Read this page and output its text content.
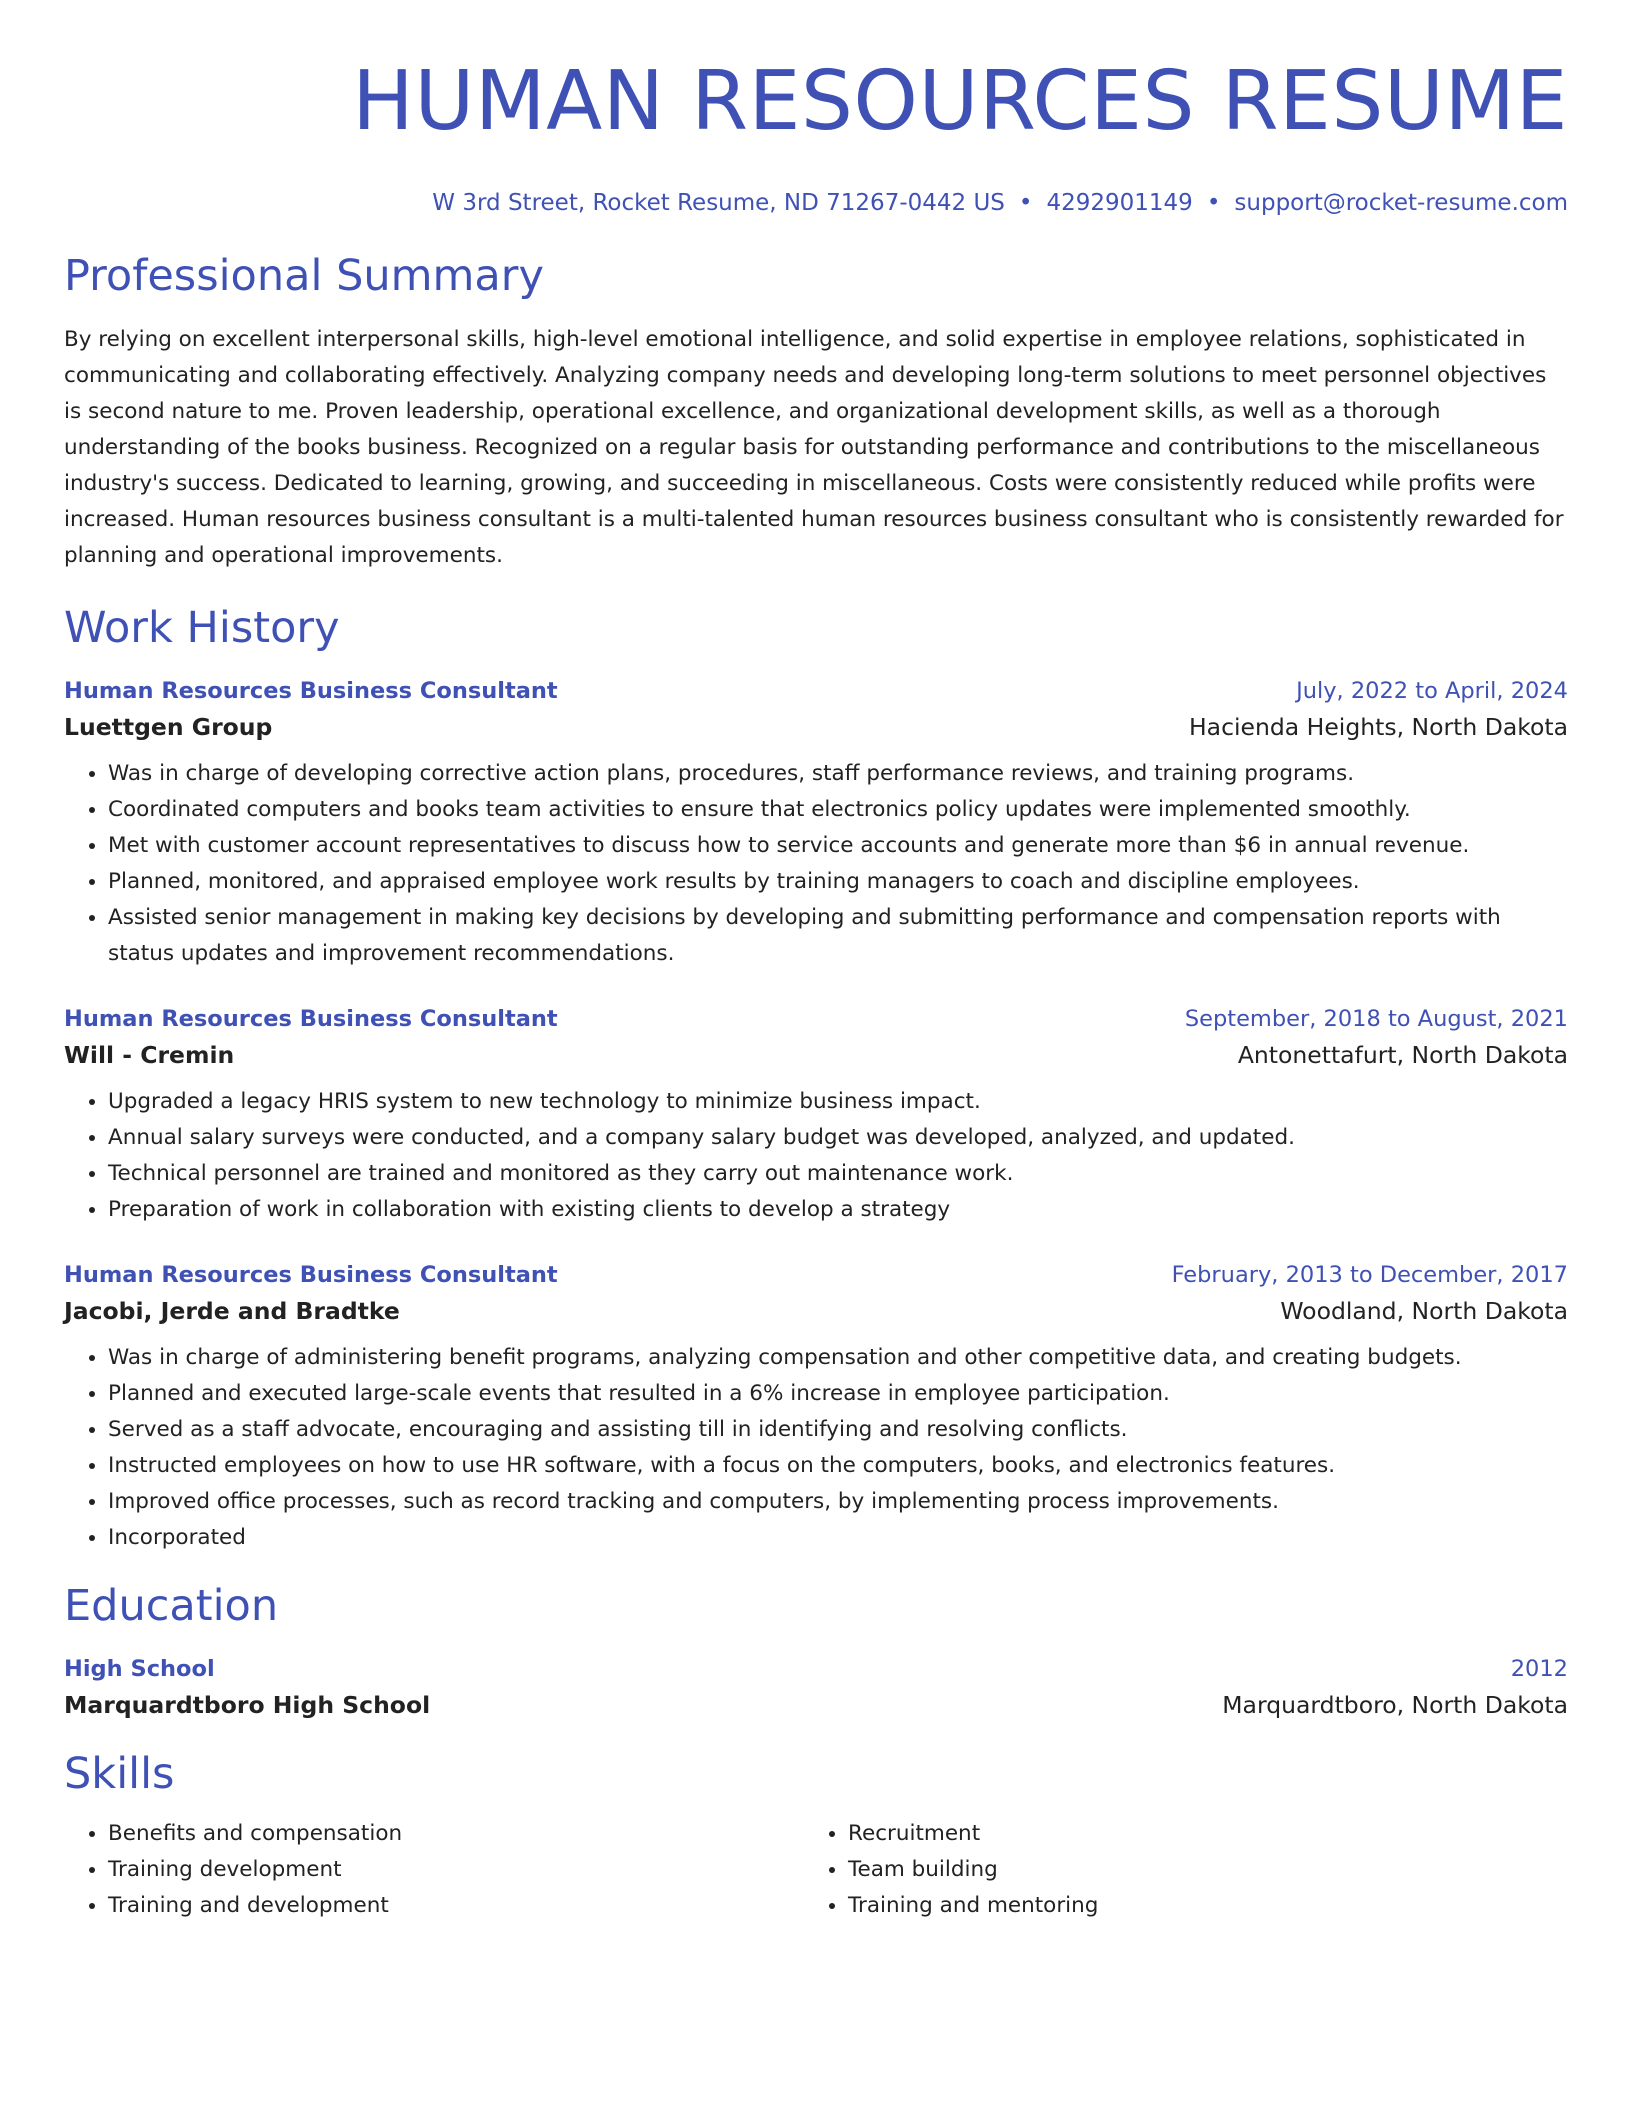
HUMAN RESOURCES RESUME
W 3rd Street, Rocket Resume, ND 71267-0442 US • 4292901149 • support@rocket-resume.com
Professional Summary
By relying on excellent interpersonal skills, high-level emotional intelligence, and solid expertise in employee relations, sophisticated in communicating and collaborating effectively. Analyzing company needs and developing long-term solutions to meet personnel objectives is second nature to me. Proven leadership, operational excellence, and organizational development skills, as well as a thorough understanding of the books business. Recognized on a regular basis for outstanding performance and contributions to the miscellaneous industry's success. Dedicated to learning, growing, and succeeding in miscellaneous. Costs were consistently reduced while profits were increased. Human resources business consultant is a multi-talented human resources business consultant who is consistently rewarded for planning and operational improvements.
Work History
Human Resources Business Consultant	July, 2022 to April, 2024
Luettgen Group	Hacienda Heights, North Dakota
• Was in charge of developing corrective action plans, procedures, staff performance reviews, and training programs.
• Coordinated computers and books team activities to ensure that electronics policy updates were implemented smoothly.
• Met with customer account representatives to discuss how to service accounts and generate more than $6 in annual revenue.
• Planned, monitored, and appraised employee work results by training managers to coach and discipline employees.
• Assisted senior management in making key decisions by developing and submitting performance and compensation reports with status updates and improvement recommendations.
Human Resources Business Consultant	September, 2018 to August, 2021
Will - Cremin	Antonettafurt, North Dakota
• Upgraded a legacy HRIS system to new technology to minimize business impact.
• Annual salary surveys were conducted, and a company salary budget was developed, analyzed, and updated.
• Technical personnel are trained and monitored as they carry out maintenance work.
• Preparation of work in collaboration with existing clients to develop a strategy
Human Resources Business Consultant	February, 2013 to December, 2017
Jacobi, Jerde and Bradtke	Woodland, North Dakota
• Was in charge of administering benefit programs, analyzing compensation and other competitive data, and creating budgets.
• Planned and executed large-scale events that resulted in a 6% increase in employee participation.
• Served as a staff advocate, encouraging and assisting till in identifying and resolving conflicts.
• Instructed employees on how to use HR software, with a focus on the computers, books, and electronics features.
• Improved office processes, such as record tracking and computers, by implementing process improvements.
• Incorporated
Education
High School	2012
Marquardtboro High School	Marquardtboro, North Dakota
Skills
• Benefits and compensation
• Training development
• Training and development
• Recruitment
• Team building
• Training and mentoring
